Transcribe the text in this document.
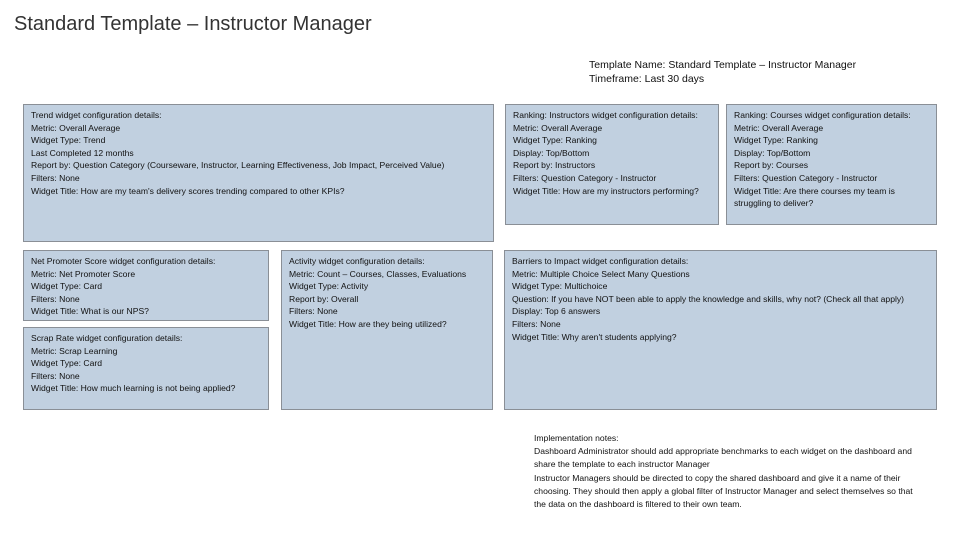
Standard Template – Instructor Manager
Template Name: Standard Template – Instructor Manager
Timeframe: Last 30 days
Trend widget configuration details:
Metric: Overall Average
Widget Type: Trend
Last Completed 12 months
Report by: Question Category (Courseware, Instructor, Learning Effectiveness, Job Impact, Perceived Value)
Filters: None
Widget Title: How are my team's delivery scores trending compared to other KPIs?
Ranking: Instructors widget configuration details:
Metric: Overall Average
Widget Type: Ranking
Display: Top/Bottom
Report by: Instructors
Filters: Question Category - Instructor
Widget Title: How are my instructors performing?
Ranking: Courses widget configuration details:
Metric: Overall Average
Widget Type: Ranking
Display: Top/Bottom
Report by: Courses
Filters: Question Category - Instructor
Widget Title: Are there courses my team is struggling to deliver?
Net Promoter Score widget configuration details:
Metric: Net Promoter Score
Widget Type: Card
Filters: None
Widget Title: What is our NPS?
Scrap Rate widget configuration details:
Metric: Scrap Learning
Widget Type: Card
Filters: None
Widget Title: How much learning is not being applied?
Activity widget configuration details:
Metric: Count – Courses, Classes, Evaluations
Widget Type: Activity
Report by: Overall
Filters: None
Widget Title: How are they being utilized?
Barriers to Impact widget configuration details:
Metric: Multiple Choice Select Many Questions
Widget Type: Multichoice
Question: If you have NOT been able to apply the knowledge and skills, why not? (Check all that apply)
Display: Top 6 answers
Filters: None
Widget Title: Why aren't students applying?
Implementation notes:
Dashboard Administrator should add appropriate benchmarks to each widget on the dashboard and share the template to each instructor Manager
Instructor Managers should be directed to copy the shared dashboard and give it a name of their choosing. They should then apply a global filter of Instructor Manager and select themselves so that the data on the dashboard is filtered to their own team.
